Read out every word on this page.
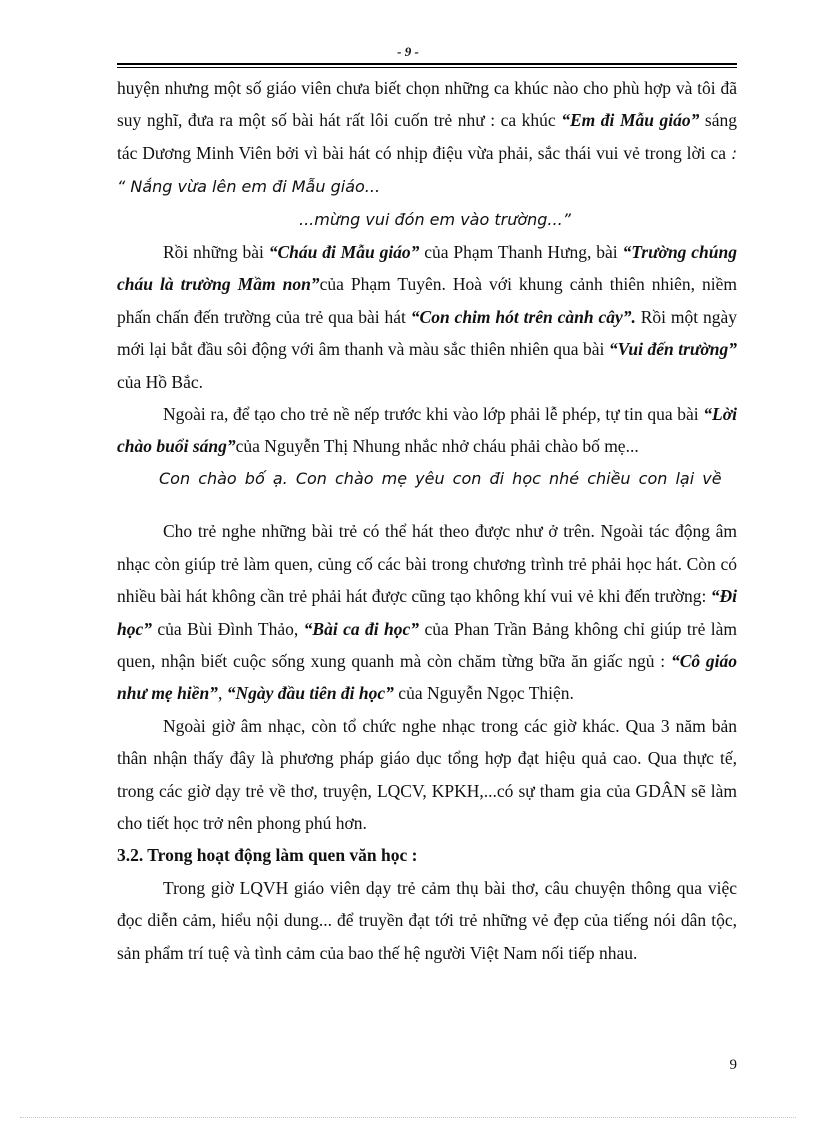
- 9 -

huyện nhưng một số giáo viên chưa biết chọn những ca khúc nào cho phù hợp và tôi đã suy nghĩ, đưa ra một số bài hát rất lôi cuốn trẻ như : ca khúc “Em đi Mẫu giáo” sáng tác Dương Minh Viên bởi vì bài hát có nhịp điệu vừa phải, sắc thái vui vẻ trong lời ca : “ Nắng vừa lên em đi Mẫu giáo...

...mừng vui đón em vào trường...”

Rồi những bài “Cháu đi Mẫu giáo” của Phạm Thanh Hưng, bài “Trường chúng cháu là trường Mầm non”của Phạm Tuyên. Hoà với khung cảnh thiên nhiên, niềm phấn chấn đến trường của trẻ qua bài hát “Con chim hót trên cành cây”. Rồi một ngày mới lại bắt đầu sôi động với âm thanh và màu sắc thiên nhiên qua bài “Vui đến trường” của Hồ Bắc.

Ngoài ra, để tạo cho trẻ nề nếp trước khi vào lớp phải lễ phép, tự tin qua bài “Lời chào buổi sáng”của Nguyễn Thị Nhung nhắc nhở cháu phải chào bố mẹ...

Con chào bố ạ. Con chào mẹ yêu con đi học nhé chiều con lại về

Cho trẻ nghe những bài trẻ có thể hát theo được như ở trên. Ngoài tác động âm nhạc còn giúp trẻ làm quen, củng cố các bài trong chương trình trẻ phải học hát. Còn có nhiều bài hát không cần trẻ phải hát được cũng tạo không khí vui vẻ khi đến trường: “Đi học” của Bùi Đình Thảo, “Bài ca đi học” của Phan Trần Bảng không chỉ giúp trẻ làm quen, nhận biết cuộc sống xung quanh mà còn chăm từng bữa ăn giấc ngủ : “Cô giáo như mẹ hiền”, “Ngày đầu tiên đi học” của Nguyễn Ngọc Thiện.

Ngoài giờ âm nhạc, còn tổ chức nghe nhạc trong các giờ khác. Qua 3 năm bản thân nhận thấy đây là phương pháp giáo dục tổng hợp đạt hiệu quả cao. Qua thực tế, trong các giờ dạy trẻ về thơ, truyện, LQCV, KPKH,...có sự tham gia của GDÂN sẽ làm cho tiết học trở nên phong phú hơn.

3.2. Trong hoạt động làm quen văn học :

Trong giờ LQVH giáo viên dạy trẻ cảm thụ bài thơ, câu chuyện thông qua việc đọc diễn cảm, hiểu nội dung... để truyền đạt tới trẻ những vẻ đẹp của tiếng nói dân tộc, sản phẩm trí tuệ và tình cảm của bao thế hệ người Việt Nam nối tiếp nhau.

9
